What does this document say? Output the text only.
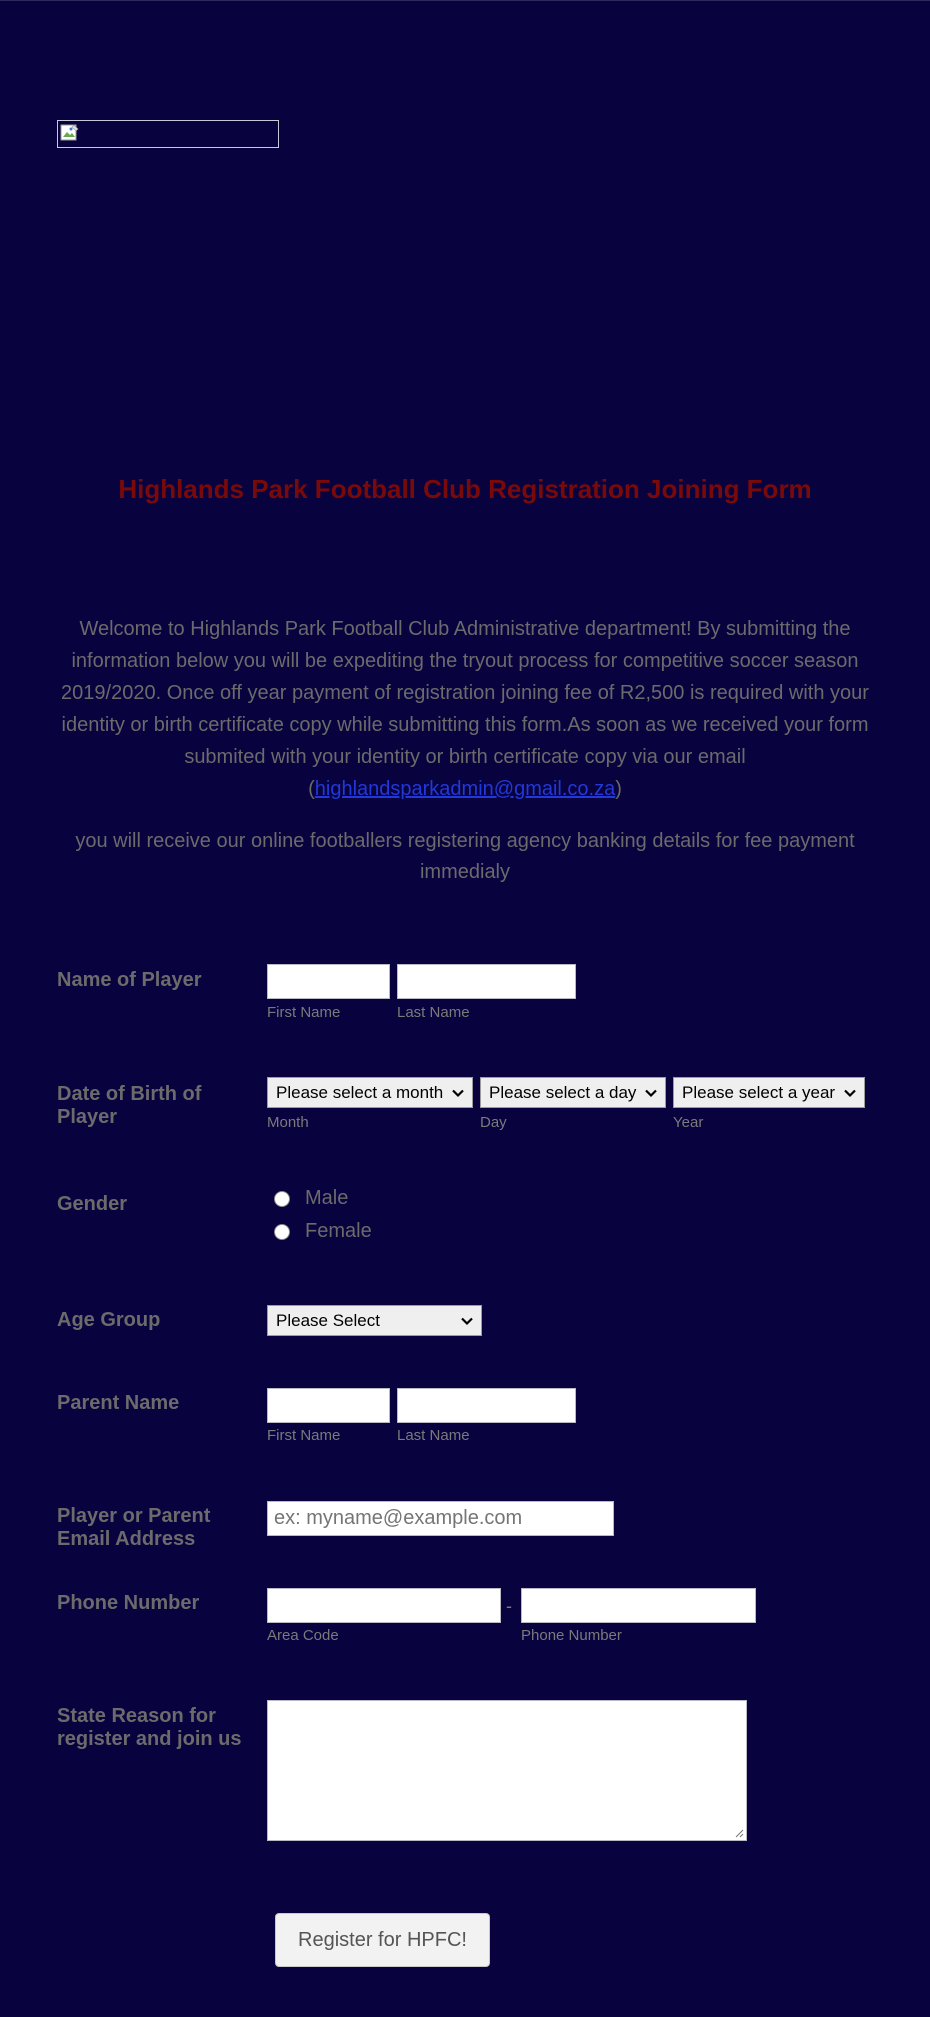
Highlands Park Football Club Registration Joining Form

Welcome to Highlands Park Football Club Administrative department! By submitting the information below you will be expediting the tryout process for competitive soccer season 2019/2020. Once off year payment of registration joining fee of R2,500 is required with your identity or birth certificate copy while submitting this form.As soon as we received your form submited with your identity or birth certificate copy via our email (highlandsparkadmin@gmail.co.za)

you will receive our online footballers registering agency banking details for fee payment immedialy

Name of Player
First Name	Last Name
Date of Birth of Player
Please select a month	Please select a day	Please select a year
Month	Day	Year
Gender	Male
Female
Age Group	Please Select
Parent Name
First Name	Last Name
Player or Parent Email Address
ex: myname@example.com
Phone Number	-
Area Code	Phone Number
State Reason for register and join us
Register for HPFC!
